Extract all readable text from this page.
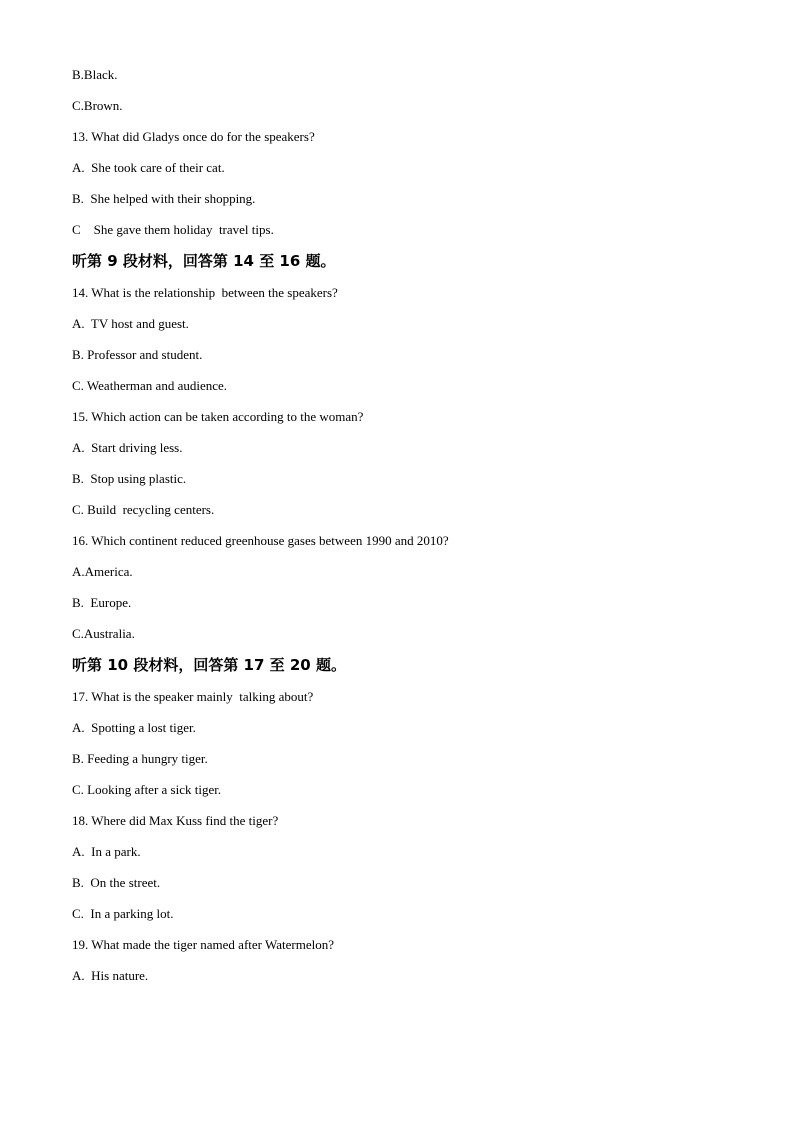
B.Black.
C.Brown.
13. What did Gladys once do for the speakers?
A.  She took care of their cat.
B.  She helped with their shopping.
C    She gave them holiday  travel tips.
听第 9 段材料，回答第 14 至 16 题。
14. What is the relationship  between the speakers?
A.  TV host and guest.
B. Professor and student.
C. Weatherman and audience.
15. Which action can be taken according to the woman?
A.  Start driving less.
B.  Stop using plastic.
C. Build  recycling centers.
16. Which continent reduced greenhouse gases between 1990 and 2010?
A.America.
B.  Europe.
C.Australia.
听第 10 段材料，回答第 17 至 20 题。
17. What is the speaker mainly  talking about?
A.  Spotting a lost tiger.
B. Feeding a hungry tiger.
C. Looking after a sick tiger.
18. Where did Max Kuss find the tiger?
A.  In a park.
B.  On the street.
C.  In a parking lot.
19. What made the tiger named after Watermelon?
A.  His nature.
